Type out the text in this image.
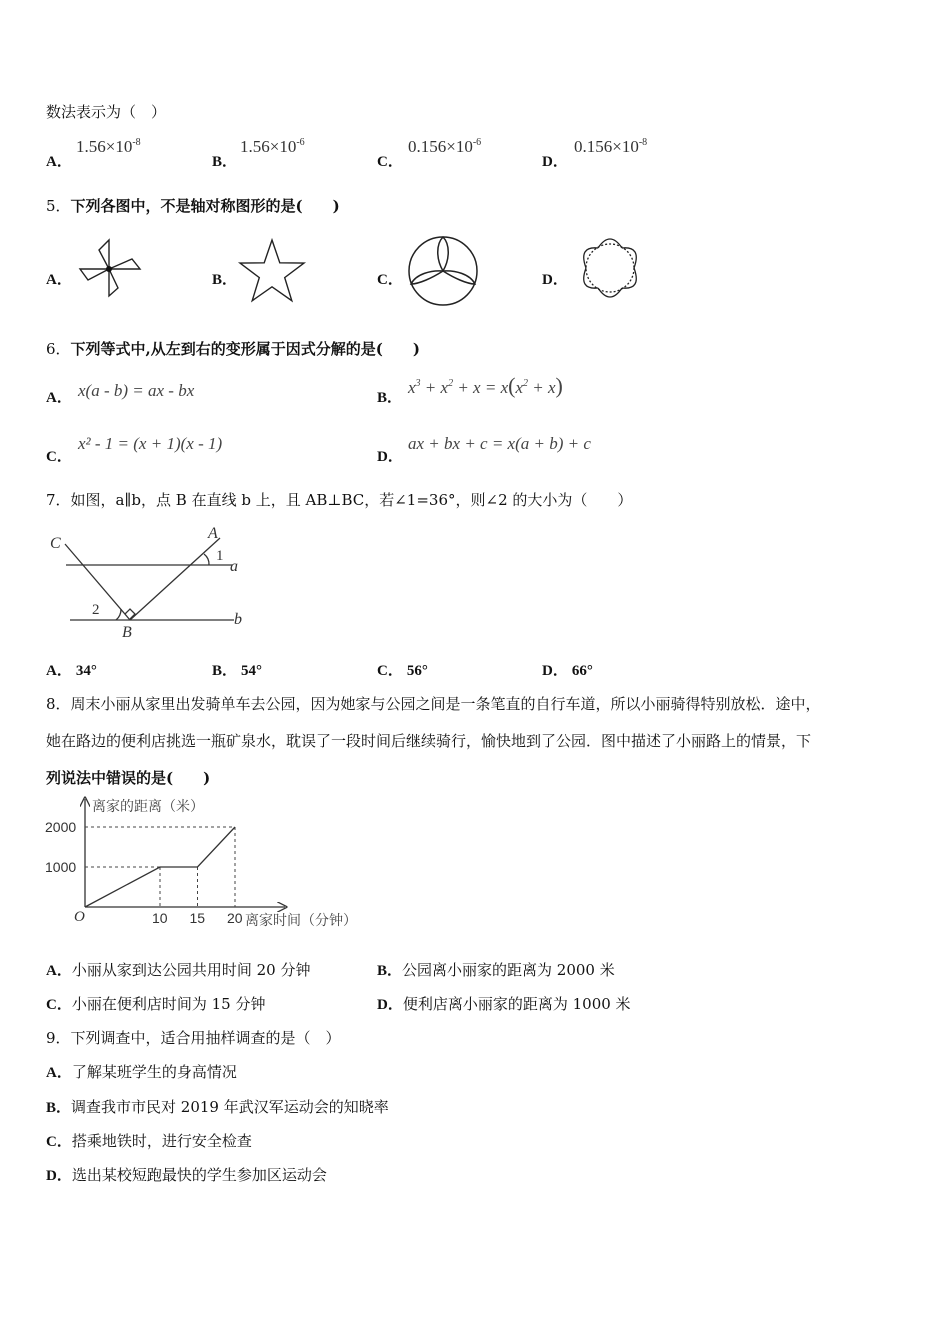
数法表示为（　）
A．
$1.56\times 10^{-8}$
B．
$1.56\times 10^{-6}$
C．
$0.156\times 10^{-6}$
D．
$0.156\times 10^{-8}$
5．下列各图中，不是轴对称图形的是(　　)
A．	B．	C．	D．
6．下列等式中,从左到右的变形属于因式分解的是(　　)
A． x(a - b) = ax - bx	B．
$x^3 + x^2 + x = x(x^2 + x)$
C．
x² - 1 = (x + 1)(x - 1)
D．
ax + bx + c = x(a + b) + c
7．如图，a∥b，点 B 在直线 b 上，且 AB⊥BC，若∠1=36°，则∠2 的大小为（　　）
C
A
a
B
b
1
2
A． 34°	B． 54°	C． 56°	D． 66°
8．周末小丽从家里出发骑单车去公园，因为她家与公园之间是一条笔直的自行车道，所以小丽骑得特别放松．途中，
她在路边的便利店挑选一瓶矿泉水，耽误了一段时间后继续骑行，愉快地到了公园．图中描述了小丽路上的情景，下
列说法中错误的是(　　)
1000
2000
10 15 20
O
离家的距离（米）
离家时间（分钟）
A．小丽从家到达公园共用时间 20 分钟	B．公园离小丽家的距离为 2000 米
C．小丽在便利店时间为 15 分钟	D．便利店离小丽家的距离为 1000 米
9．下列调查中，适合用抽样调查的是（　）
A．了解某班学生的身高情况
B．调查我市市民对 2019 年武汉军运动会的知晓率
C．搭乘地铁时，进行安全检查
D．选出某校短跑最快的学生参加区运动会
